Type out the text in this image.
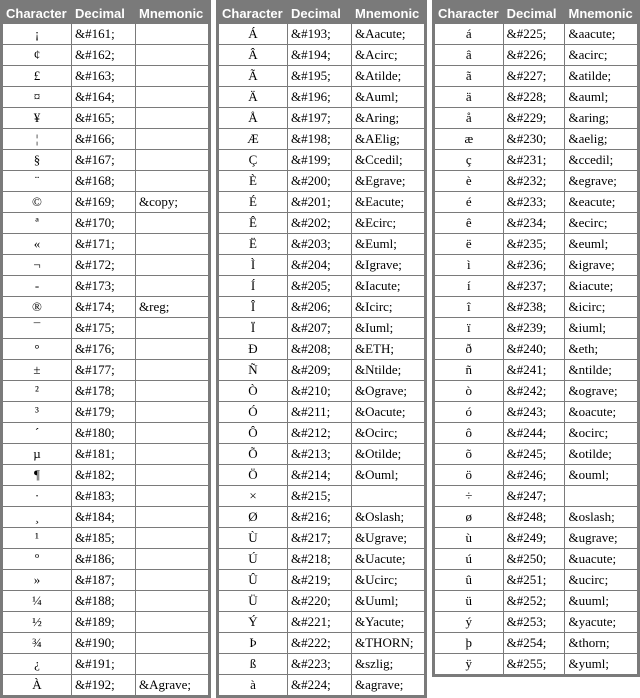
Character	Decimal	Mnemonic
¡	&#161;	
¢	&#162;	
£	&#163;	
¤	&#164;	
¥	&#165;	
¦	&#166;	
§	&#167;	
¨	&#168;	
©	&#169;	&copy;
ª	&#170;	
«	&#171;	
¬	&#172;	
-	&#173;	
®	&#174;	&reg;
¯	&#175;	
°	&#176;	
±	&#177;	
²	&#178;	
³	&#179;	
´	&#180;	
µ	&#181;	
¶	&#182;	
·	&#183;	
¸	&#184;	
¹	&#185;	
º	&#186;	
»	&#187;	
¼	&#188;	
½	&#189;	
¾	&#190;	
¿	&#191;	
À	&#192;	&Agrave;
Character	Decimal	Mnemonic
Á	&#193;	&Aacute;
Â	&#194;	&Acirc;
Ã	&#195;	&Atilde;
Ä	&#196;	&Auml;
Å	&#197;	&Aring;
Æ	&#198;	&AElig;
Ç	&#199;	&Ccedil;
È	&#200;	&Egrave;
É	&#201;	&Eacute;
Ê	&#202;	&Ecirc;
Ë	&#203;	&Euml;
Ì	&#204;	&Igrave;
Í	&#205;	&Iacute;
Î	&#206;	&Icirc;
Ï	&#207;	&Iuml;
Ð	&#208;	&ETH;
Ñ	&#209;	&Ntilde;
Ò	&#210;	&Ograve;
Ó	&#211;	&Oacute;
Ô	&#212;	&Ocirc;
Õ	&#213;	&Otilde;
Ö	&#214;	&Ouml;
×	&#215;	
Ø	&#216;	&Oslash;
Ù	&#217;	&Ugrave;
Ú	&#218;	&Uacute;
Û	&#219;	&Ucirc;
Ü	&#220;	&Uuml;
Ý	&#221;	&Yacute;
Þ	&#222;	&THORN;
ß	&#223;	&szlig;
à	&#224;	&agrave;
Character	Decimal	Mnemonic
á	&#225;	&aacute;
â	&#226;	&acirc;
ã	&#227;	&atilde;
ä	&#228;	&auml;
å	&#229;	&aring;
æ	&#230;	&aelig;
ç	&#231;	&ccedil;
è	&#232;	&egrave;
é	&#233;	&eacute;
ê	&#234;	&ecirc;
ë	&#235;	&euml;
ì	&#236;	&igrave;
í	&#237;	&iacute;
î	&#238;	&icirc;
ï	&#239;	&iuml;
ð	&#240;	&eth;
ñ	&#241;	&ntilde;
ò	&#242;	&ograve;
ó	&#243;	&oacute;
ô	&#244;	&ocirc;
õ	&#245;	&otilde;
ö	&#246;	&ouml;
÷	&#247;	
ø	&#248;	&oslash;
ù	&#249;	&ugrave;
ú	&#250;	&uacute;
û	&#251;	&ucirc;
ü	&#252;	&uuml;
ý	&#253;	&yacute;
þ	&#254;	&thorn;
ÿ	&#255;	&yuml;
